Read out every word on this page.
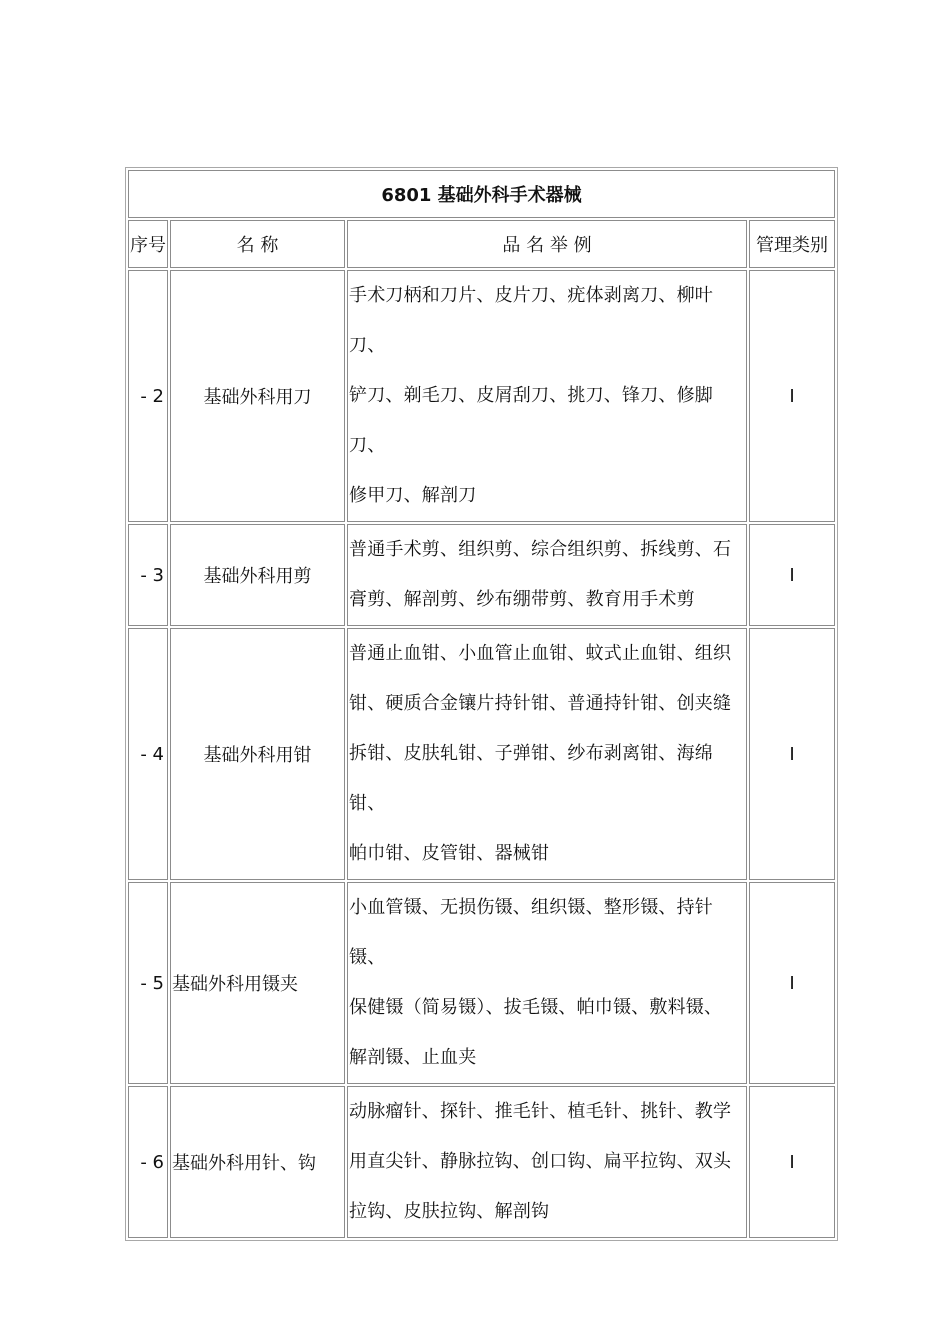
6801 基础外科手术器械			
序号	名 称	品 名 举 例	管理类别
- 2	基础外科用刀	手术刀柄和刀片、皮片刀、疣体剥离刀、柳叶刀、
铲刀、剃毛刀、皮屑刮刀、挑刀、锋刀、修脚刀、
修甲刀、解剖刀	I
- 3	基础外科用剪	普通手术剪、组织剪、综合组织剪、拆线剪、石
膏剪、解剖剪、纱布绷带剪、教育用手术剪	I
- 4	基础外科用钳	普通止血钳、小血管止血钳、蚊式止血钳、组织
钳、硬质合金镶片持针钳、普通持针钳、创夹缝
拆钳、皮肤轧钳、子弹钳、纱布剥离钳、海绵钳、
帕巾钳、皮管钳、器械钳	I
- 5	基础外科用镊夹	小血管镊、无损伤镊、组织镊、整形镊、持针镊、
保健镊（简易镊）、拔毛镊、帕巾镊、敷料镊、
解剖镊、止血夹	I
- 6	基础外科用针、钩	动脉瘤针、探针、推毛针、植毛针、挑针、教学
用直尖针、静脉拉钩、创口钩、扁平拉钩、双头
拉钩、皮肤拉钩、解剖钩	I
